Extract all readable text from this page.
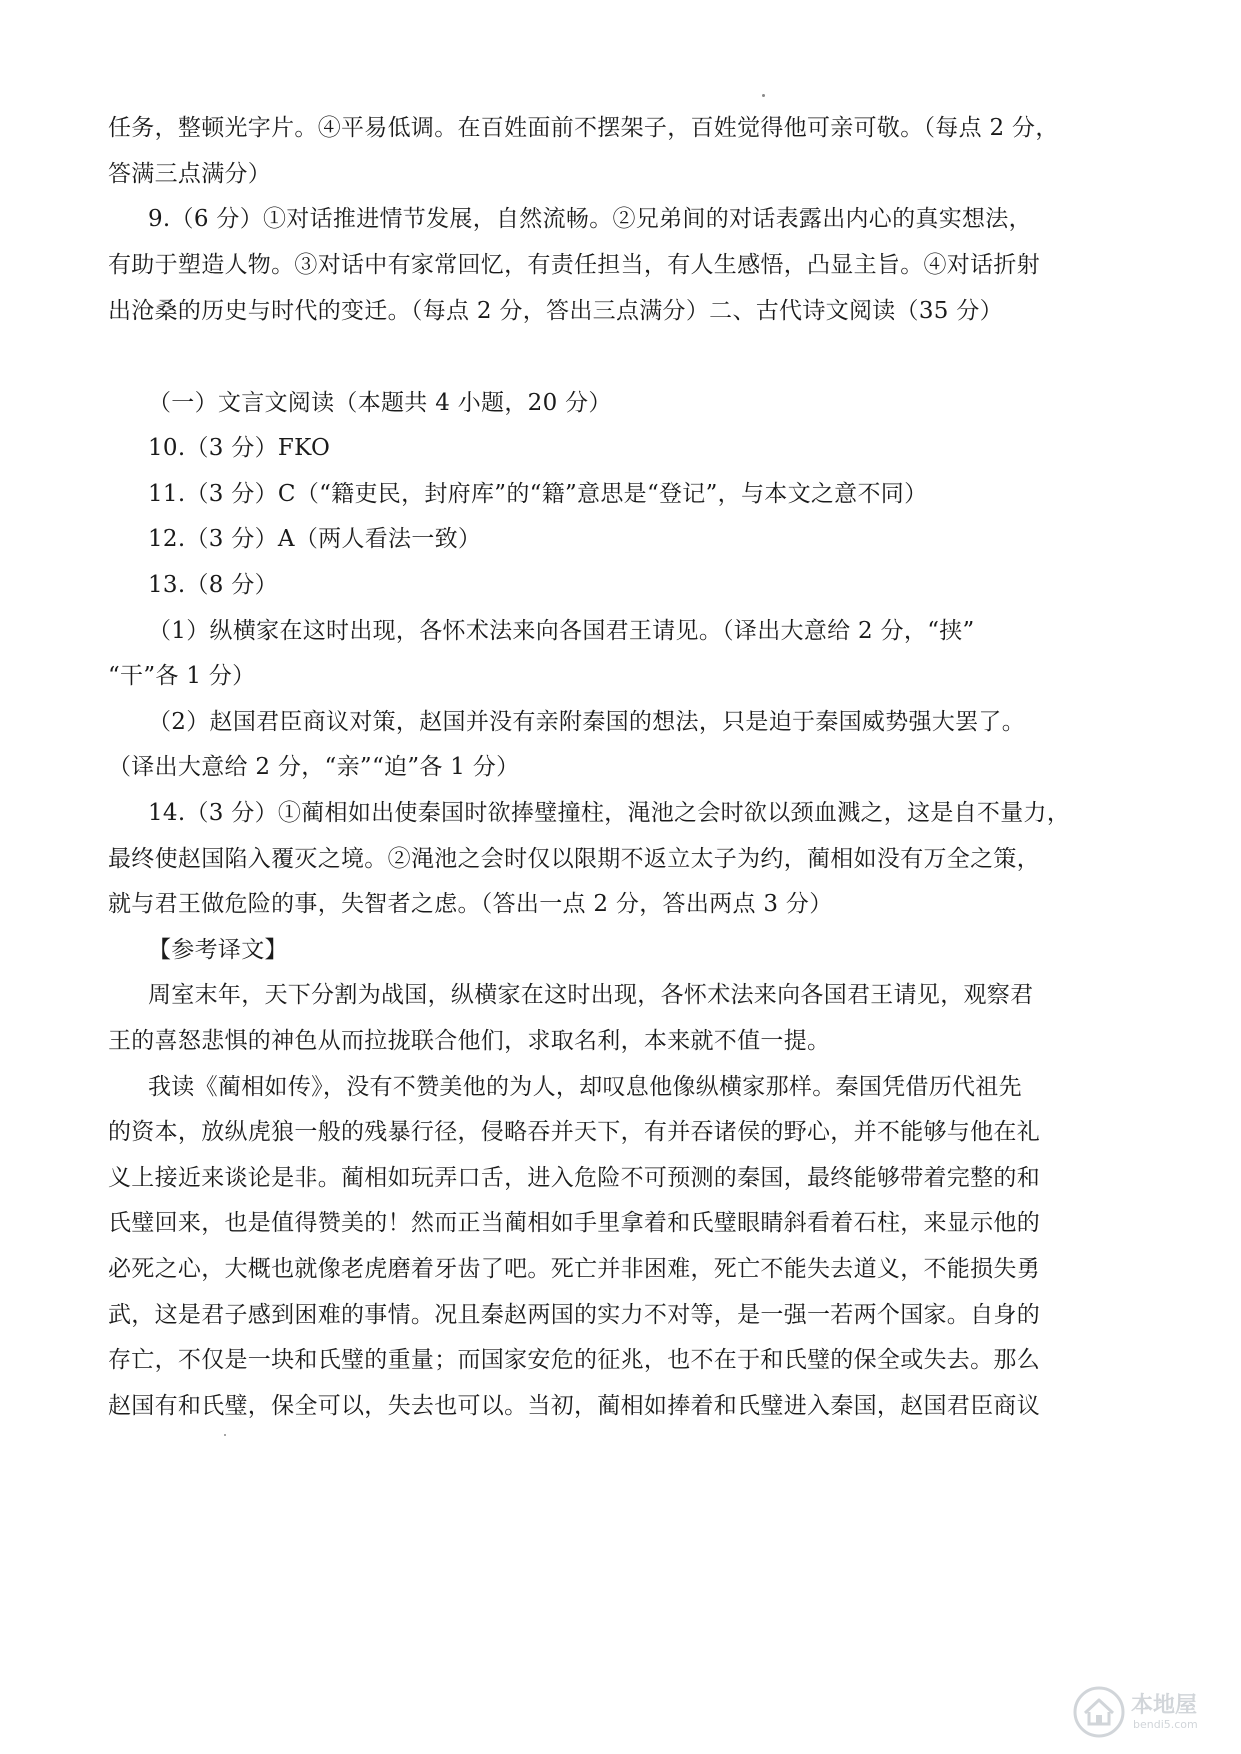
任务，整顿光字片。④平易低调。在百姓面前不摆架子，百姓觉得他可亲可敬。（每点 2 分，
答满三点满分）
9.（6 分）①对话推进情节发展，自然流畅。②兄弟间的对话表露出内心的真实想法，
有助于塑造人物。③对话中有家常回忆，有责任担当，有人生感悟，凸显主旨。④对话折射
出沧桑的历史与时代的变迁。（每点 2 分，答出三点满分）二、古代诗文阅读（35 分）
（一）文言文阅读（本题共 4 小题，20 分）
10.（3 分）FKO
11.（3 分）C（“籍吏民，封府库”的“籍”意思是“登记”，与本文之意不同）
12.（3 分）A（两人看法一致）
13.（8 分）
（1）纵横家在这时出现，各怀术法来向各国君王请见。（译出大意给 2 分，“挟”
“干”各 1 分）
（2）赵国君臣商议对策，赵国并没有亲附秦国的想法，只是迫于秦国威势强大罢了。
（译出大意给 2 分，“亲”“迫”各 1 分）
14.（3 分）①蔺相如出使秦国时欲捧璧撞柱，渑池之会时欲以颈血溅之，这是自不量力，
最终使赵国陷入覆灭之境。②渑池之会时仅以限期不返立太子为约，蔺相如没有万全之策，
就与君王做危险的事，失智者之虑。（答出一点 2 分，答出两点 3 分）
【参考译文】
周室末年，天下分割为战国，纵横家在这时出现，各怀术法来向各国君王请见，观察君
王的喜怒悲惧的神色从而拉拢联合他们，求取名利，本来就不值一提。
我读《蔺相如传》，没有不赞美他的为人，却叹息他像纵横家那样。秦国凭借历代祖先
的资本，放纵虎狼一般的残暴行径，侵略吞并天下，有并吞诸侯的野心，并不能够与他在礼
义上接近来谈论是非。蔺相如玩弄口舌，进入危险不可预测的秦国，最终能够带着完整的和
氏璧回来，也是值得赞美的！然而正当蔺相如手里拿着和氏璧眼睛斜看着石柱，来显示他的
必死之心，大概也就像老虎磨着牙齿了吧。死亡并非困难，死亡不能失去道义，不能损失勇
武，这是君子感到困难的事情。况且秦赵两国的实力不对等，是一强一若两个国家。自身的
存亡，不仅是一块和氏璧的重量；而国家安危的征兆，也不在于和氏璧的保全或失去。那么
赵国有和氏璧，保全可以，失去也可以。当初，蔺相如捧着和氏璧进入秦国，赵国君臣商议
本地屋
bendi5.com
